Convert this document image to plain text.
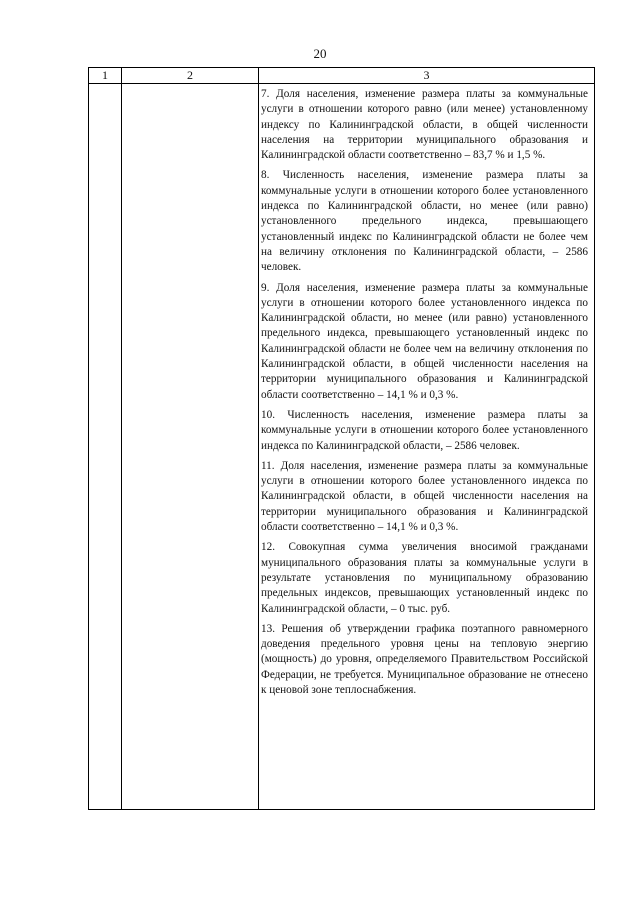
20
1	2	3

7. Доля населения, изменение размера платы за коммунальные услуги в отношении которого равно (или менее) установленному индексу по Калининградской области, в общей численности населения на территории муниципального образования и Калининградской области соответственно – 83,7 % и 1,5 %.

8. Численность населения, изменение размера платы за коммунальные услуги в отношении которого более установленного индекса по Калининградской области, но менее (или равно) установленного предельного индекса, превышающего установленный индекс по Калининградской области не более чем на величину отклонения по Калининградской области, – 2586 человек.

9. Доля населения, изменение размера платы за коммунальные услуги в отношении которого более установленного индекса по Калининградской области, но менее (или равно) установленного предельного индекса, превышающего установленный индекс по Калининградской области не более чем на величину отклонения по Калининградской области, в общей численности населения на территории муниципального образования и Калининградской области соответственно – 14,1 % и 0,3 %.

10. Численность населения, изменение размера платы за коммунальные услуги в отношении которого более установленного индекса по Калининградской области, – 2586 человек.

11. Доля населения, изменение размера платы за коммунальные услуги в отношении которого более установленного индекса по Калининградской области, в общей численности населения на территории муниципального образования и Калининградской области соответственно – 14,1 % и 0,3 %.

12. Совокупная сумма увеличения вносимой гражданами муниципального образования платы за коммунальные услуги в результате установления по муниципальному образованию предельных индексов, превышающих установленный индекс по Калининградской области, – 0 тыс. руб.

13. Решения об утверждении графика поэтапного равномерного доведения предельного уровня цены на тепловую энергию (мощность) до уровня, определяемого Правительством Российской Федерации, не требуется. Муниципальное образование не отнесено к ценовой зоне теплоснабжения.
